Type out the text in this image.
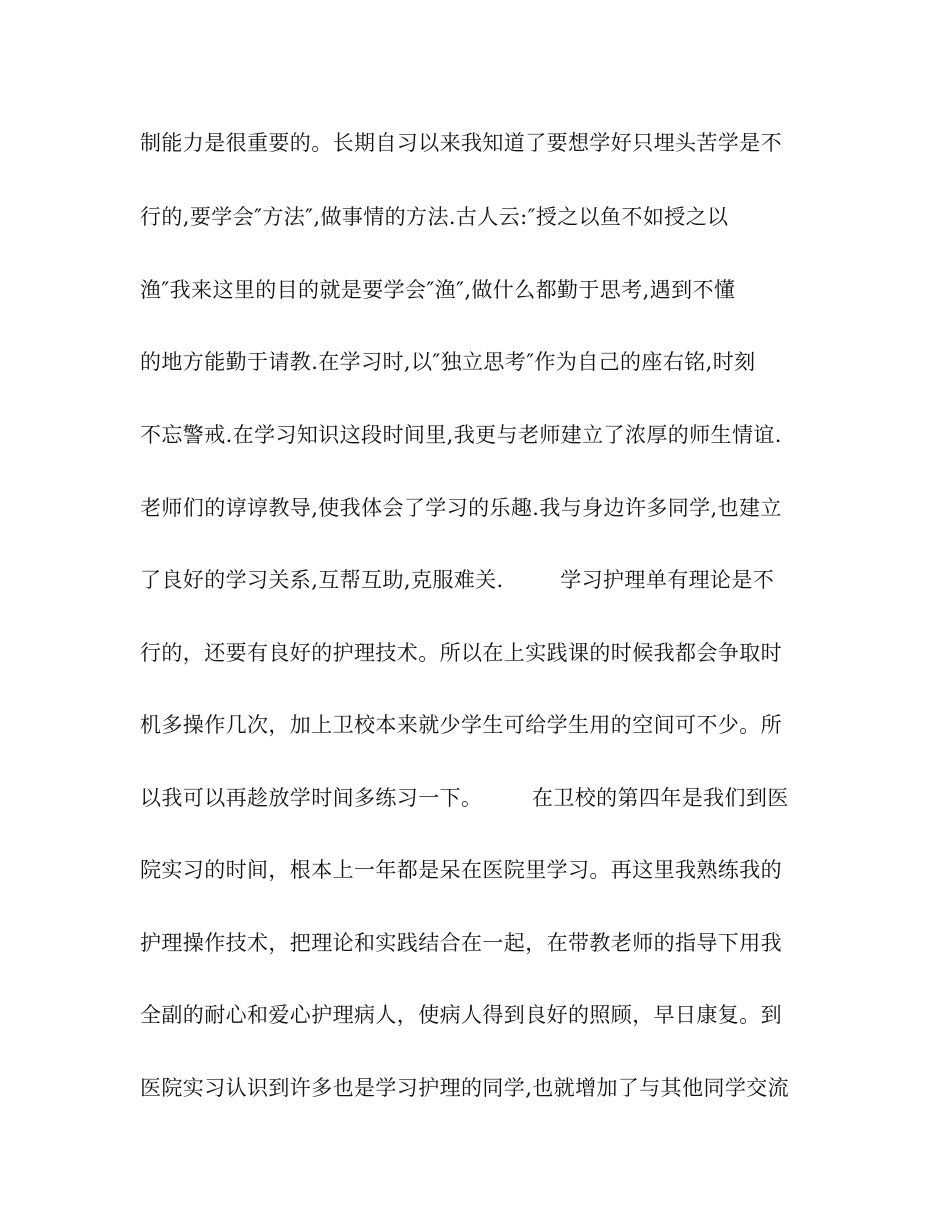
制能力是很重要的。长期自习以来我知道了要想学好只埋头苦学是不
行的,要学会″方法″,做事情的方法.古人云:″授之以鱼不如授之以
渔″我来这里的目的就是要学会″渔″,做什么都勤于思考,遇到不懂
的地方能勤于请教.在学习时,以″独立思考″作为自己的座右铭,时刻
不忘警戒.在学习知识这段时间里,我更与老师建立了浓厚的师生情谊.
老师们的谆谆教导,使我体会了学习的乐趣.我与身边许多同学,也建立
了良好的学习关系,互帮互助,克服难关.        学习护理单有理论是不
行的，还要有良好的护理技术。所以在上实践课的时候我都会争取时
机多操作几次，加上卫校本来就少学生可给学生用的空间可不少。所
以我可以再趁放学时间多练习一下。       在卫校的第四年是我们到医
院实习的时间，根本上一年都是呆在医院里学习。再这里我熟练我的
护理操作技术，把理论和实践结合在一起，在带教老师的指导下用我
全副的耐心和爱心护理病人，使病人得到良好的照顾，早日康复。到
医院实习认识到许多也是学习护理的同学,也就增加了与其他同学交流
